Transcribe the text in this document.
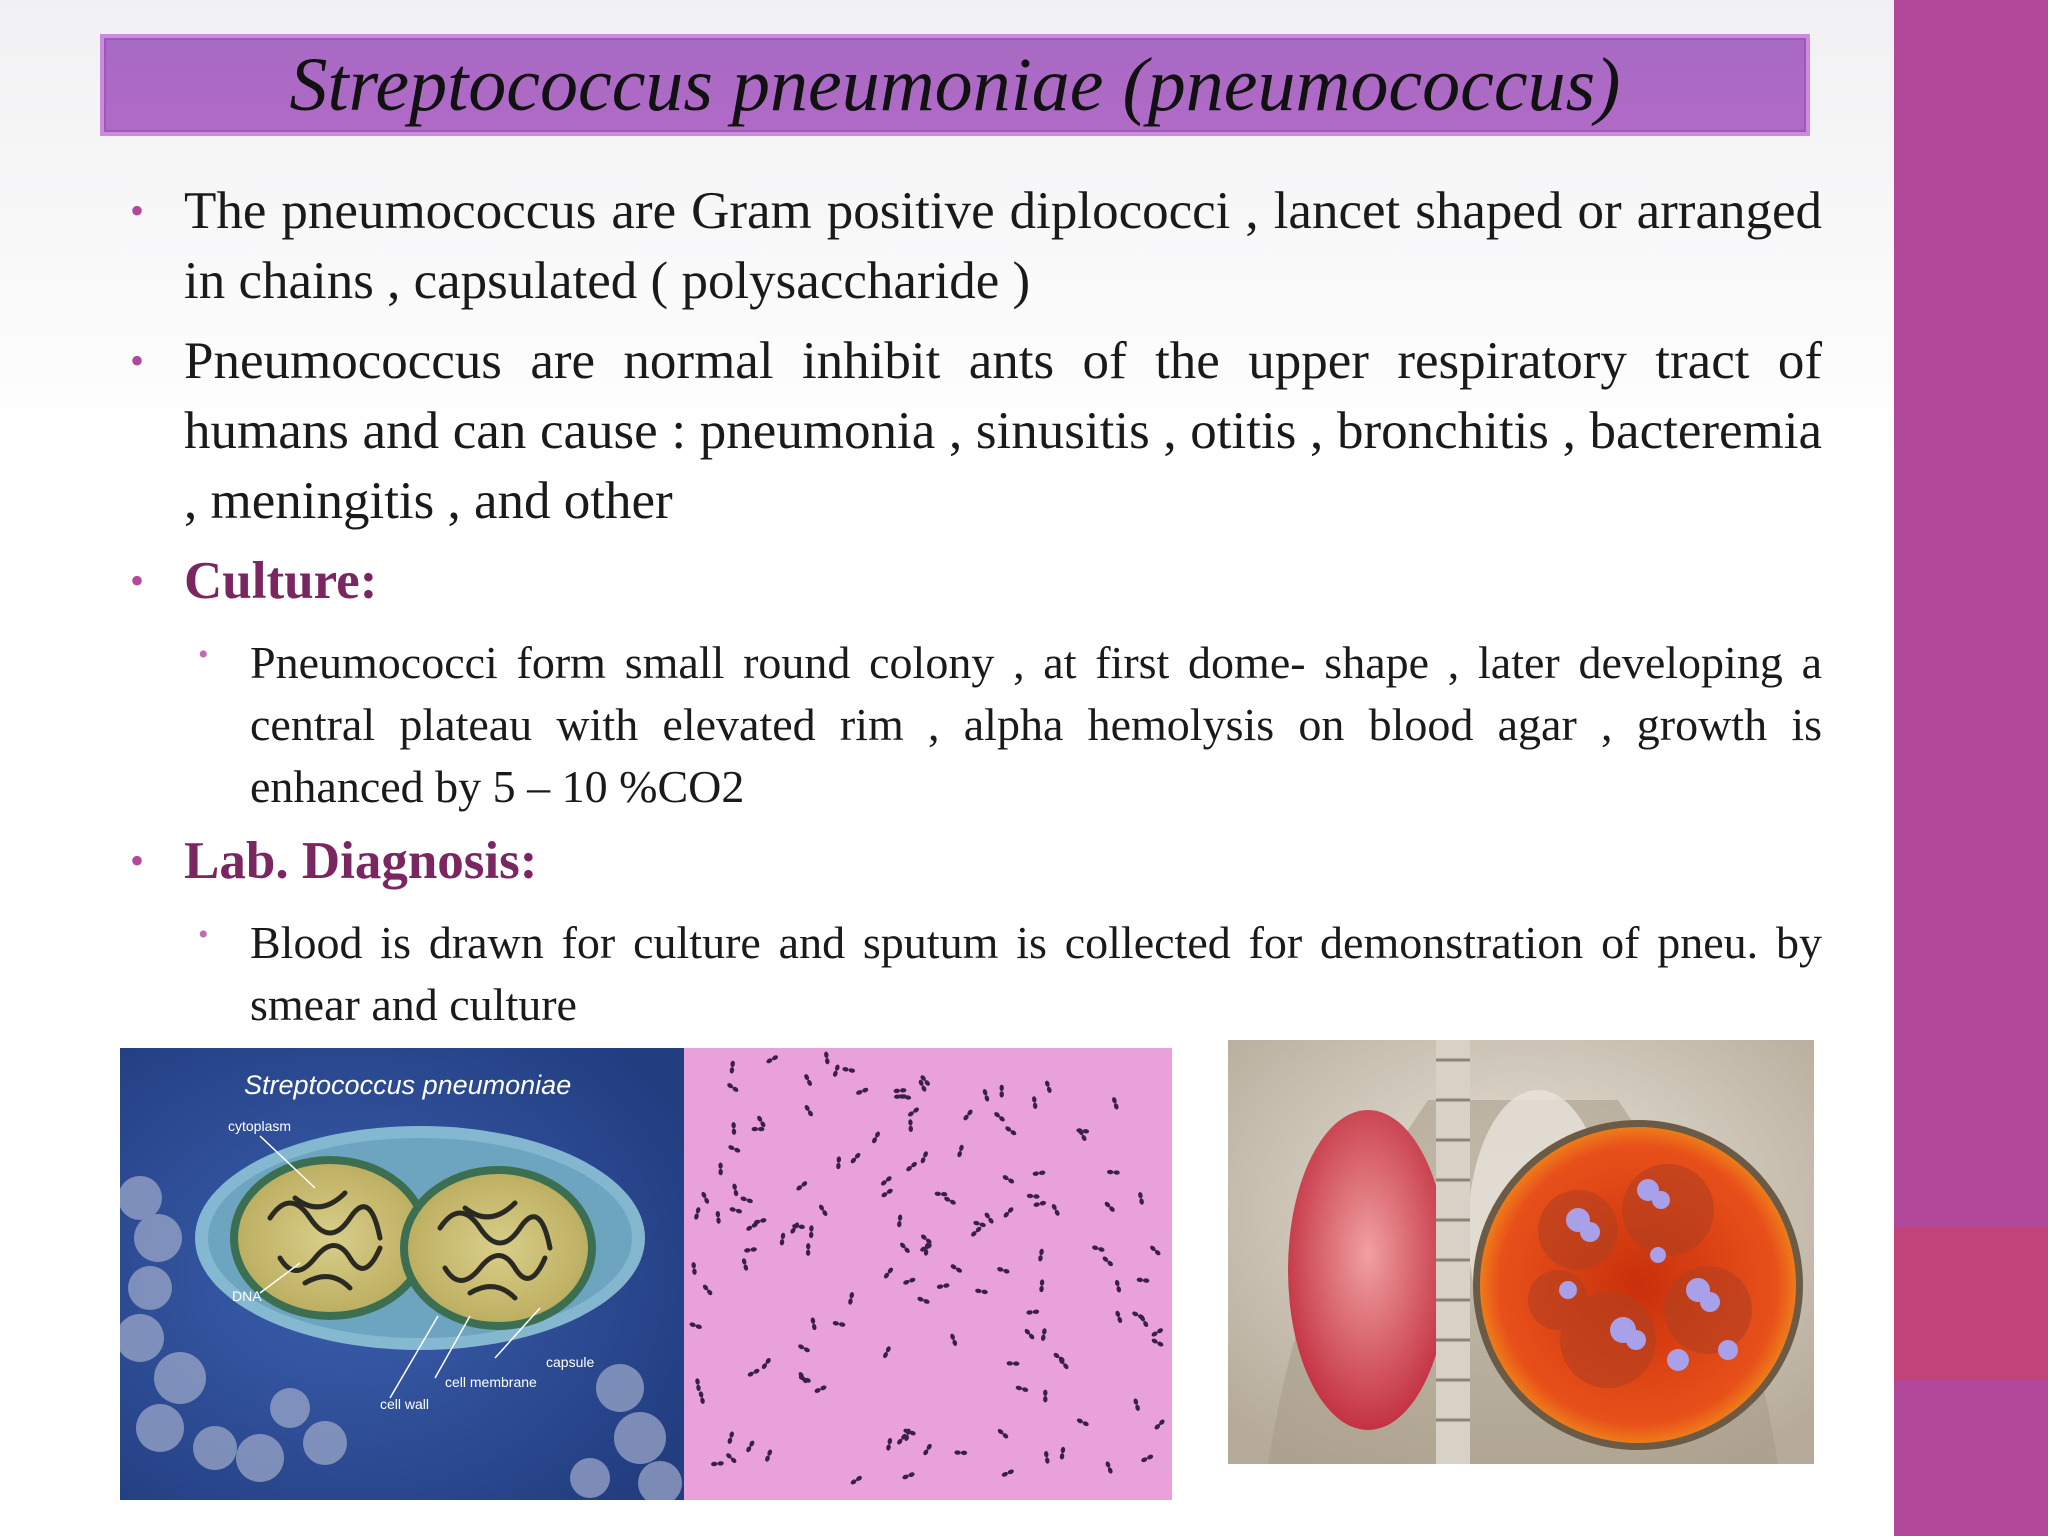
Streptococcus pneumoniae (pneumococcus)
• The pneumococcus are Gram positive diplococci , lancet shaped or arranged in chains , capsulated ( polysaccharide )
• Pneumococcus are normal inhibit ants of the upper respiratory tract of humans and can cause : pneumonia , sinusitis , otitis , bronchitis , bacteremia , meningitis , and other
• Culture:
• Pneumococci form small round colony , at first dome- shape , later developing a central plateau with elevated rim , alpha hemolysis on blood agar , growth is enhanced by 5 – 10 %CO2
• Lab. Diagnosis:
• Blood is drawn for culture and sputum is collected for demonstration of pneu. by smear and culture
Streptococcus pneumoniae
cytoplasm
DNA
capsule
cell membrane
cell wall
